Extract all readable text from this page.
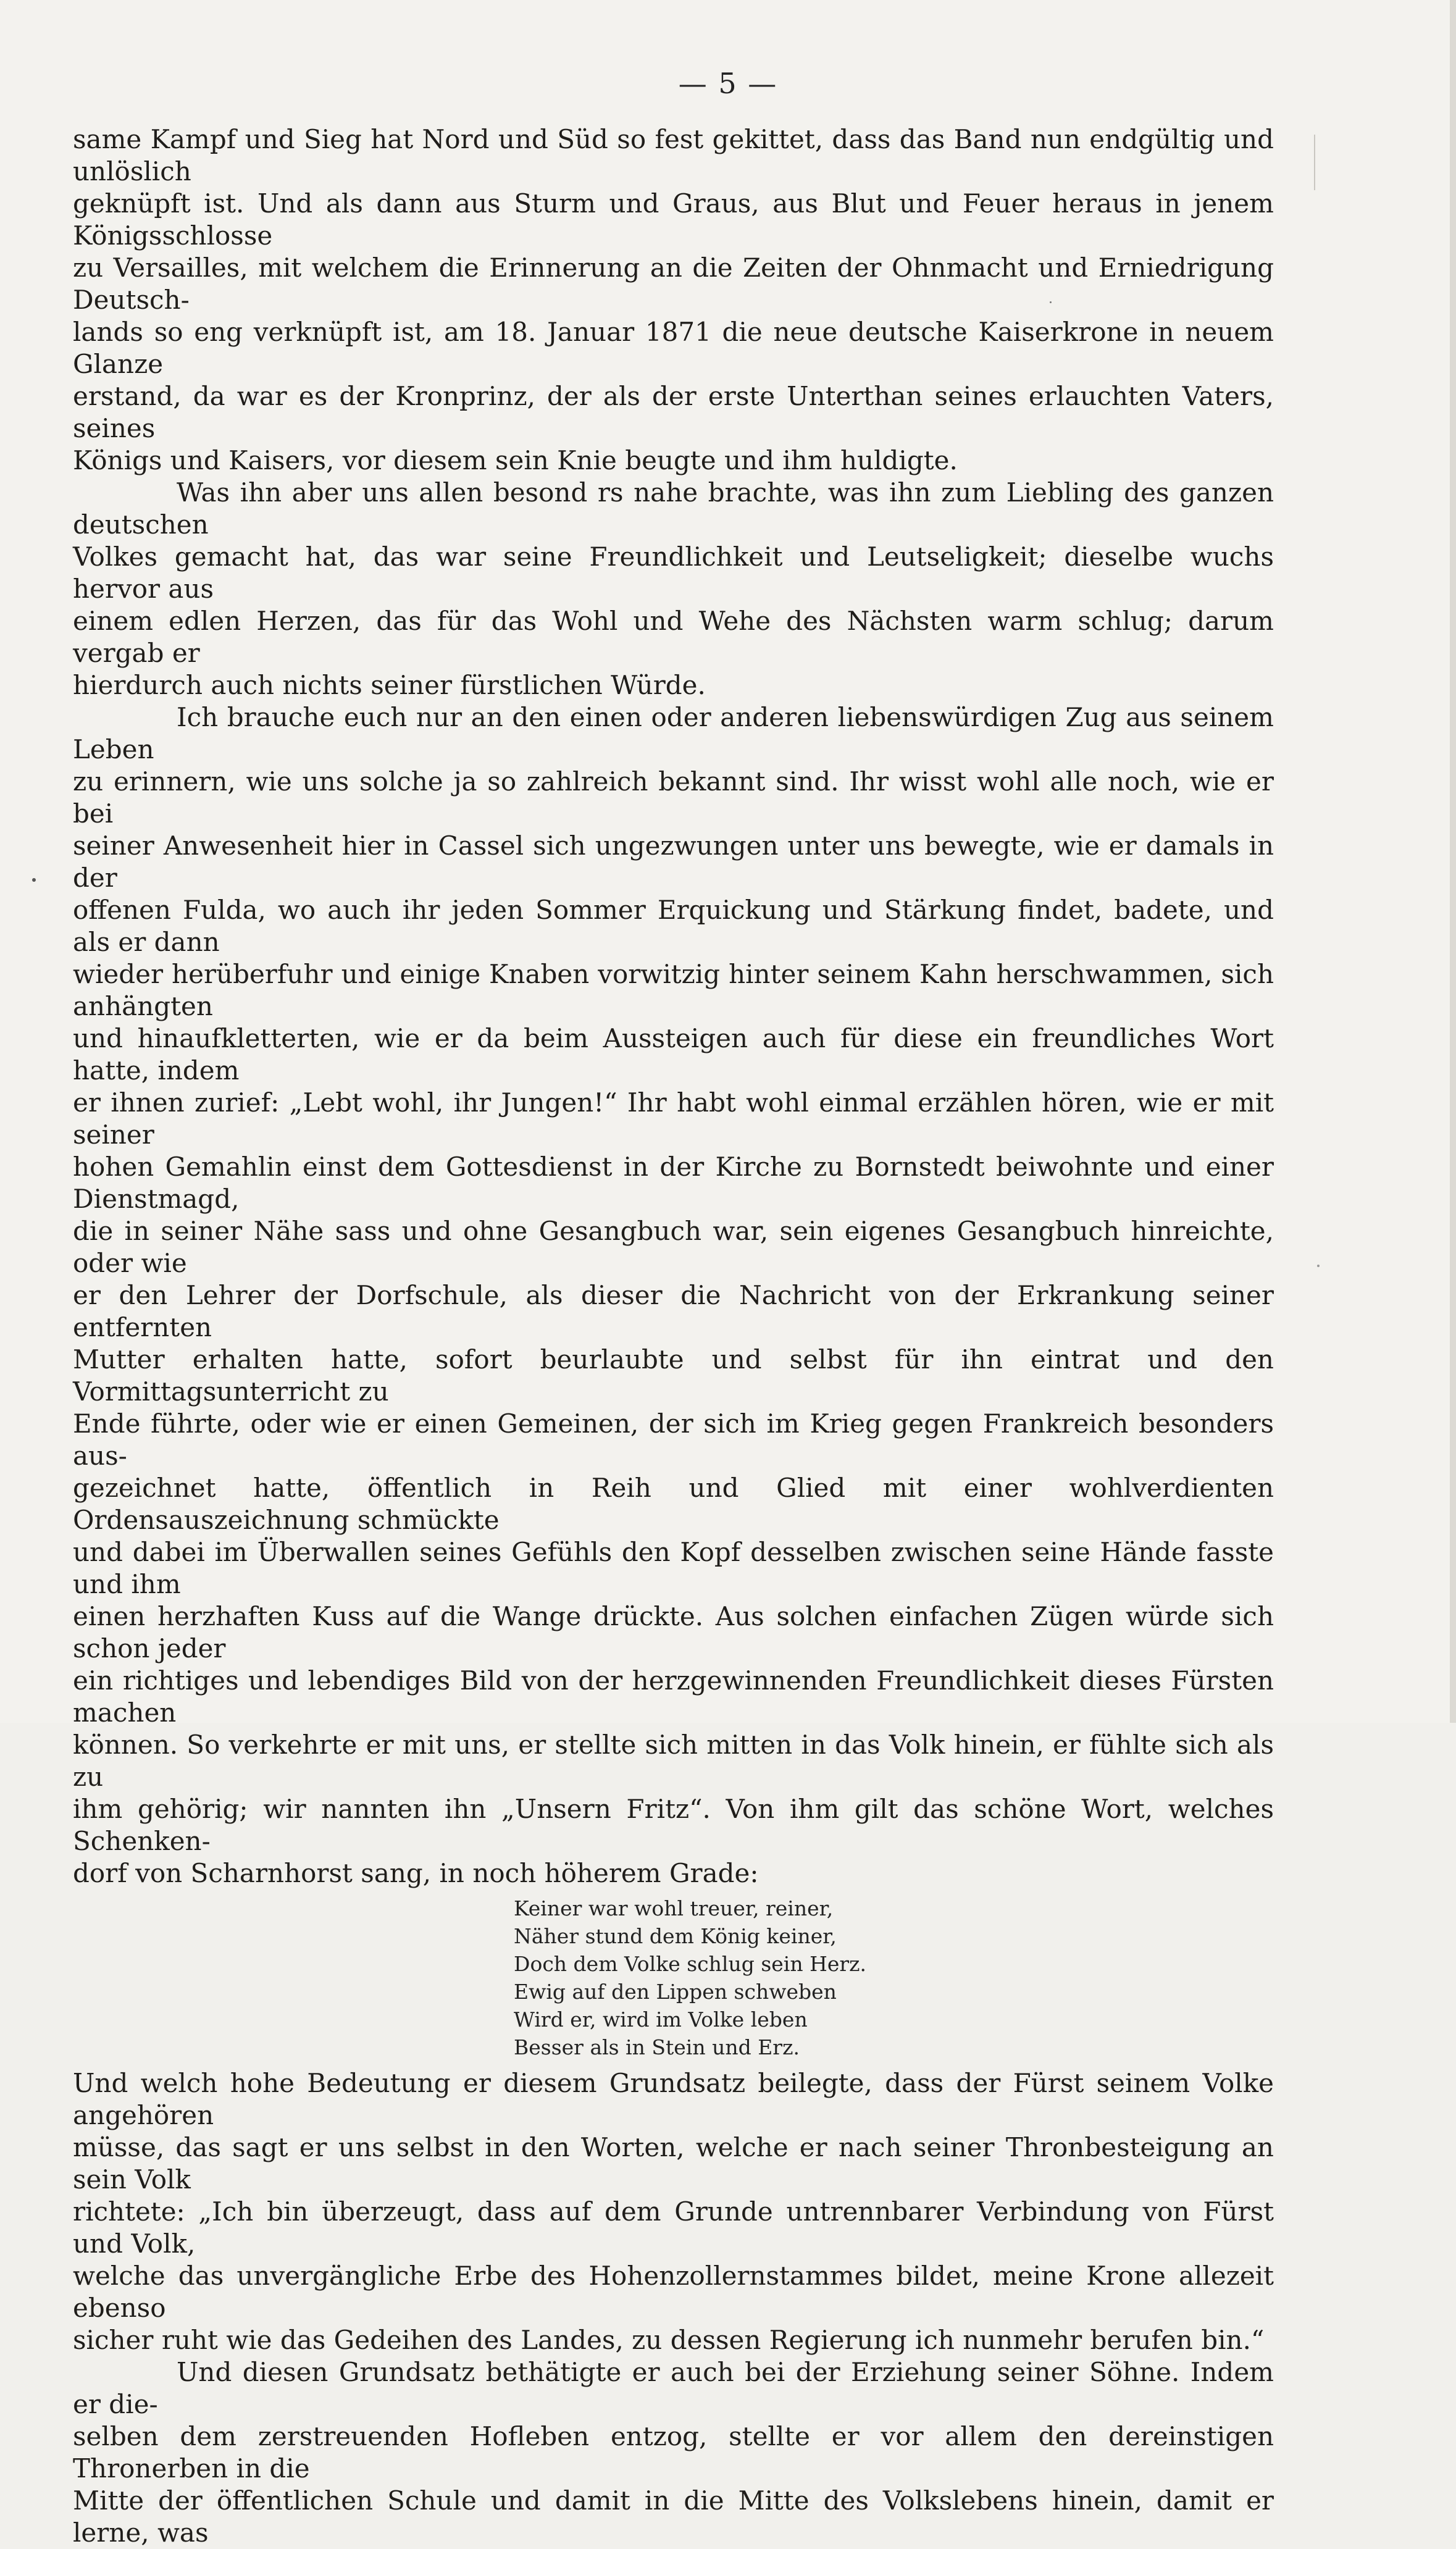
— 5 —

same Kampf und Sieg hat Nord und Süd so fest gekittet, dass das Band nun endgültig und unlöslich
geknüpft ist. Und als dann aus Sturm und Graus, aus Blut und Feuer heraus in jenem Königsschlosse
zu Versailles, mit welchem die Erinnerung an die Zeiten der Ohnmacht und Erniedrigung Deutsch-
lands so eng verknüpft ist, am 18. Januar 1871 die neue deutsche Kaiserkrone in neuem Glanze
erstand, da war es der Kronprinz, der als der erste Unterthan seines erlauchten Vaters, seines
Königs und Kaisers, vor diesem sein Knie beugte und ihm huldigte.

Was ihn aber uns allen besond rs nahe brachte, was ihn zum Liebling des ganzen deutschen
Volkes gemacht hat, das war seine Freundlichkeit und Leutseligkeit; dieselbe wuchs hervor aus
einem edlen Herzen, das für das Wohl und Wehe des Nächsten warm schlug; darum vergab er
hierdurch auch nichts seiner fürstlichen Würde.

Ich brauche euch nur an den einen oder anderen liebenswürdigen Zug aus seinem Leben
zu erinnern, wie uns solche ja so zahlreich bekannt sind. Ihr wisst wohl alle noch, wie er bei
seiner Anwesenheit hier in Cassel sich ungezwungen unter uns bewegte, wie er damals in der
offenen Fulda, wo auch ihr jeden Sommer Erquickung und Stärkung findet, badete, und als er dann
wieder herüberfuhr und einige Knaben vorwitzig hinter seinem Kahn herschwammen, sich anhängten
und hinaufkletterten, wie er da beim Aussteigen auch für diese ein freundliches Wort hatte, indem
er ihnen zurief: „Lebt wohl, ihr Jungen!“ Ihr habt wohl einmal erzählen hören, wie er mit seiner
hohen Gemahlin einst dem Gottesdienst in der Kirche zu Bornstedt beiwohnte und einer Dienstmagd,
die in seiner Nähe sass und ohne Gesangbuch war, sein eigenes Gesangbuch hinreichte, oder wie
er den Lehrer der Dorfschule, als dieser die Nachricht von der Erkrankung seiner entfernten
Mutter erhalten hatte, sofort beurlaubte und selbst für ihn eintrat und den Vormittagsunterricht zu
Ende führte, oder wie er einen Gemeinen, der sich im Krieg gegen Frankreich besonders aus-
gezeichnet hatte, öffentlich in Reih und Glied mit einer wohlverdienten Ordensauszeichnung schmückte
und dabei im Überwallen seines Gefühls den Kopf desselben zwischen seine Hände fasste und ihm
einen herzhaften Kuss auf die Wange drückte. Aus solchen einfachen Zügen würde sich schon jeder
ein richtiges und lebendiges Bild von der herzgewinnenden Freundlichkeit dieses Fürsten machen
können. So verkehrte er mit uns, er stellte sich mitten in das Volk hinein, er fühlte sich als zu
ihm gehörig; wir nannten ihn „Unsern Fritz“. Von ihm gilt das schöne Wort, welches Schenken-
dorf von Scharnhorst sang, in noch höherem Grade:

Keiner war wohl treuer, reiner,
Näher stund dem König keiner,
Doch dem Volke schlug sein Herz.
Ewig auf den Lippen schweben
Wird er, wird im Volke leben
Besser als in Stein und Erz.

Und welch hohe Bedeutung er diesem Grundsatz beilegte, dass der Fürst seinem Volke angehören
müsse, das sagt er uns selbst in den Worten, welche er nach seiner Thronbesteigung an sein Volk
richtete: „Ich bin überzeugt, dass auf dem Grunde untrennbarer Verbindung von Fürst und Volk,
welche das unvergängliche Erbe des Hohenzollernstammes bildet, meine Krone allezeit ebenso
sicher ruht wie das Gedeihen des Landes, zu dessen Regierung ich nunmehr berufen bin.“

Und diesen Grundsatz bethätigte er auch bei der Erziehung seiner Söhne. Indem er die-
selben dem zerstreuenden Hofleben entzog, stellte er vor allem den dereinstigen Thronerben in die
Mitte der öffentlichen Schule und damit in die Mitte des Volkslebens hinein, damit er lerne, was
